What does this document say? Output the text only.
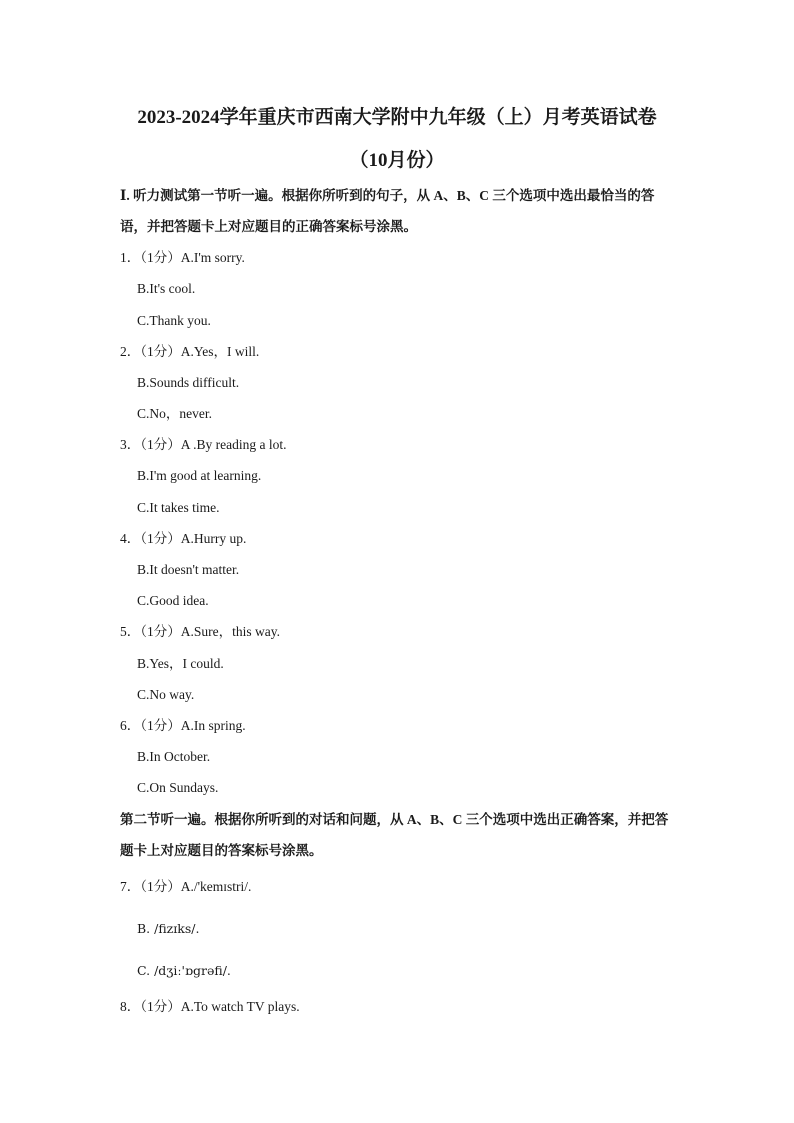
2023-2024学年重庆市西南大学附中九年级（上）月考英语试卷
（10月份）
Ⅰ. 听力测试第一节听一遍。根据你所听到的句子，从 A、B、C 三个选项中选出最恰当的答语，并把答题卡上对应题目的正确答案标号涂黑。
1．（1分）A.I'm sorry.
B.It's cool.
C.Thank you.
2．（1分）A.Yes，I will.
B.Sounds difficult.
C.No，never.
3．（1分）A .By reading a lot.
B.I'm good at learning.
C.It takes time.
4．（1分）A.Hurry up.
B.It doesn't matter.
C.Good idea.
5．（1分）A.Sure，this way.
B.Yes，I could.
C.No way.
6．（1分）A.In spring.
B.In October.
C.On Sundays.
第二节听一遍。根据你所听到的对话和问题，从 A、B、C 三个选项中选出正确答案，并把答题卡上对应题目的答案标号涂黑。
7．（1分）A./'kemɪstri/.
B. /fizɪks/.
C. /dʒiː'ɒgrəfi/.
8．（1分）A.To watch TV plays.
